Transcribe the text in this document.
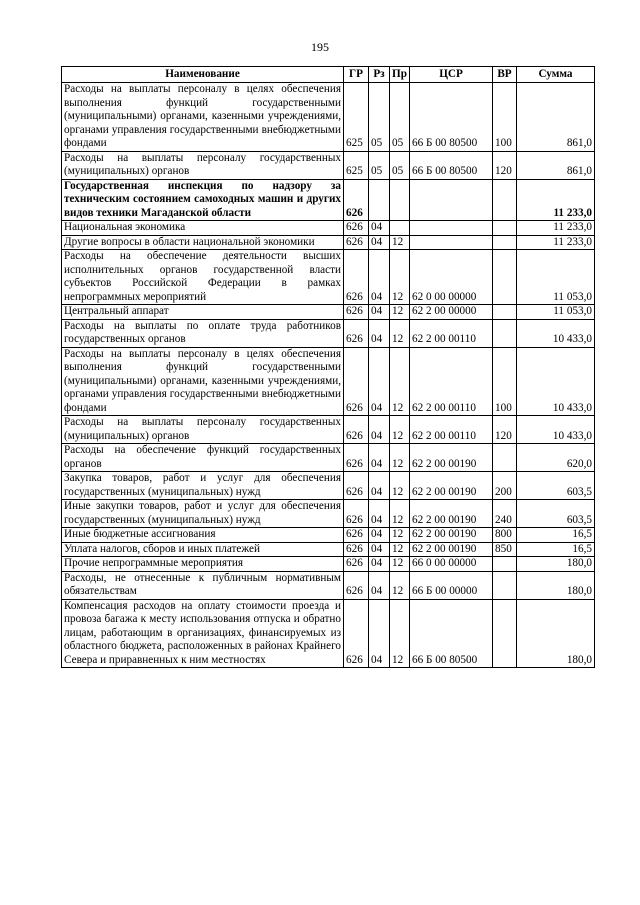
195
Наименование	ГР	Рз	Пр	ЦСР	ВР	Сумма
Расходы на выплаты персоналу в целях обеспечения выполнения функций государственными (муниципальными) органами, казенными учреждениями, органами управления государственными внебюджетными фондами	625	05	05	66 Б 00 80500	100	861,0
Расходы на выплаты персоналу государственных (муниципальных) органов	625	05	05	66 Б 00 80500	120	861,0
Государственная инспекция по надзору за техническим состоянием самоходных машин и других видов техники Магаданской области	626					11 233,0
Национальная экономика	626	04				11 233,0
Другие вопросы в области национальной экономики	626	04	12			11 233,0
Расходы на обеспечение деятельности высших исполнительных органов государственной власти субъектов Российской Федерации в рамках непрограммных мероприятий	626	04	12	62 0 00 00000		11 053,0
Центральный аппарат	626	04	12	62 2 00 00000		11 053,0
Расходы на выплаты по оплате труда работников государственных органов	626	04	12	62 2 00 00110		10 433,0
Расходы на выплаты персоналу в целях обеспечения выполнения функций государственными (муниципальными) органами, казенными учреждениями, органами управления государственными внебюджетными фондами	626	04	12	62 2 00 00110	100	10 433,0
Расходы на выплаты персоналу государственных (муниципальных) органов	626	04	12	62 2 00 00110	120	10 433,0
Расходы на обеспечение функций государственных органов	626	04	12	62 2 00 00190		620,0
Закупка товаров, работ и услуг для обеспечения государственных (муниципальных) нужд	626	04	12	62 2 00 00190	200	603,5
Иные закупки товаров, работ и услуг для обеспечения государственных (муниципальных) нужд	626	04	12	62 2 00 00190	240	603,5
Иные бюджетные ассигнования	626	04	12	62 2 00 00190	800	16,5
Уплата налогов, сборов и иных платежей	626	04	12	62 2 00 00190	850	16,5
Прочие непрограммные мероприятия	626	04	12	66 0 00 00000		180,0
Расходы, не отнесенные к публичным нормативным обязательствам	626	04	12	66 Б 00 00000		180,0
Компенсация расходов на оплату стоимости проезда и провоза багажа к месту использования отпуска и обратно лицам, работающим в организациях, финансируемых из областного бюджета, расположенных в районах Крайнего Севера и приравненных к ним местностях	626	04	12	66 Б 00 80500		180,0
